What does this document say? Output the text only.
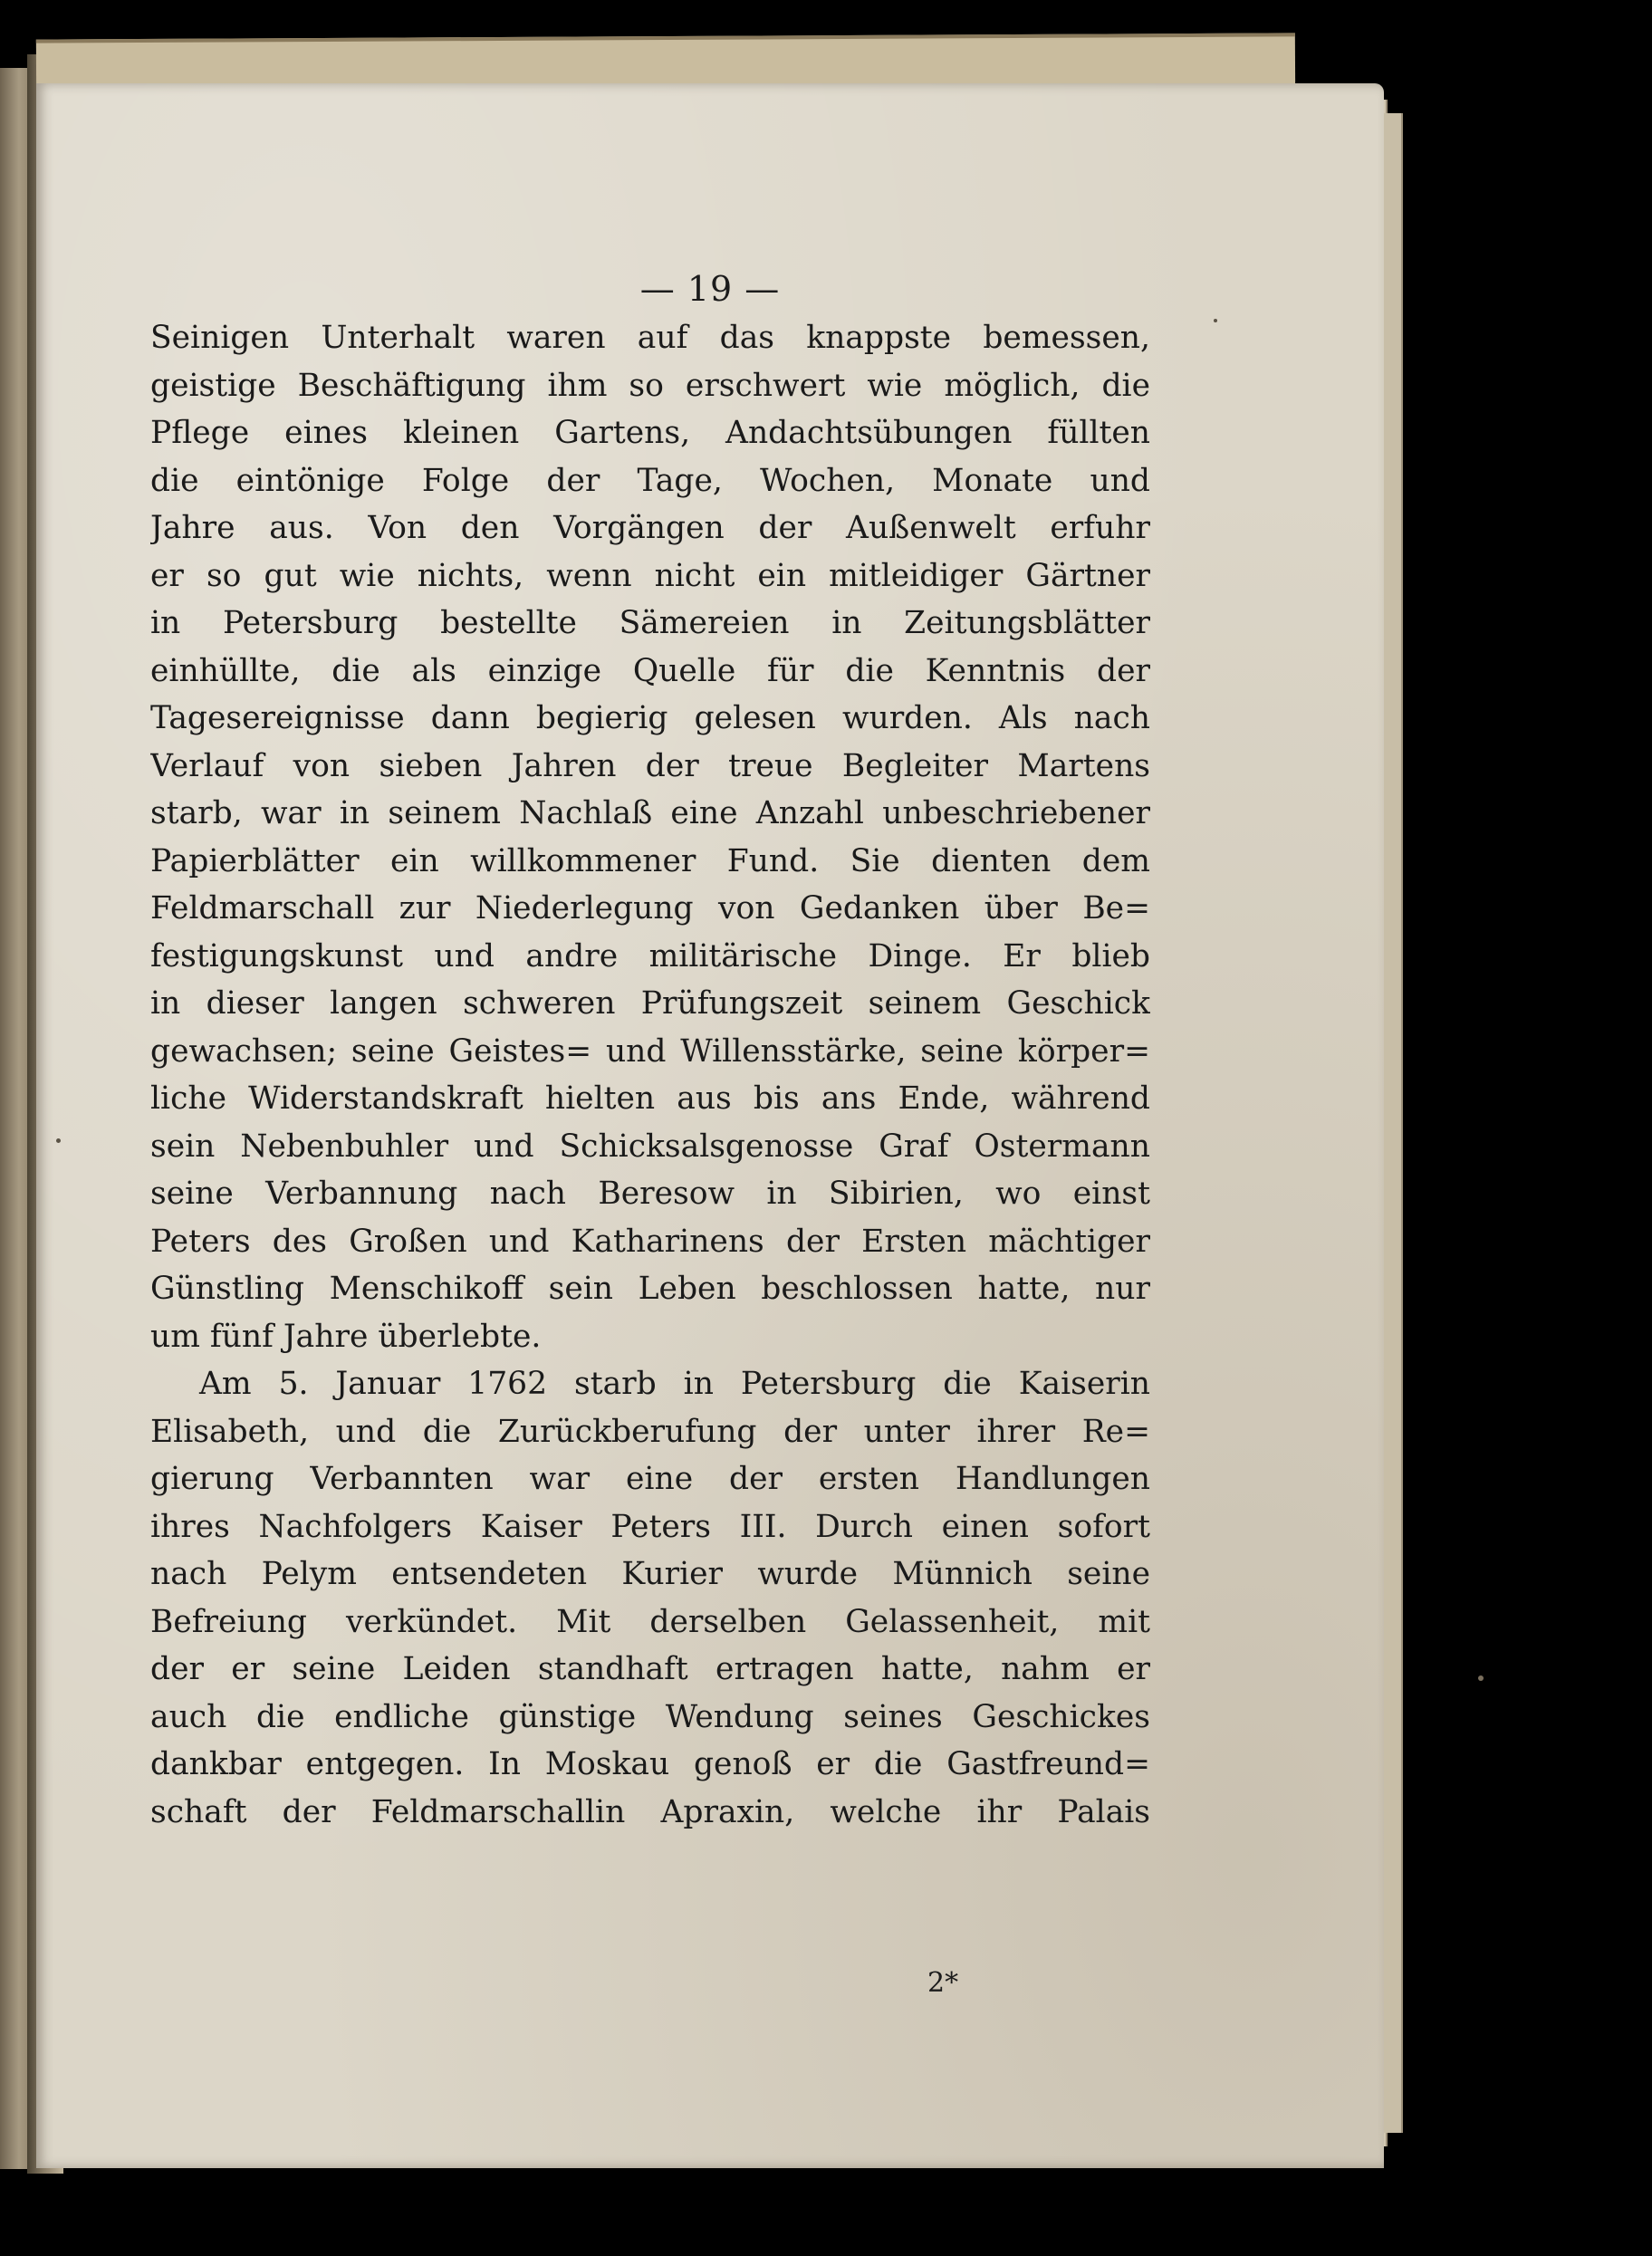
— 19 —
Seinigen Unterhalt waren auf das knappste bemessen,
geistige Beschäftigung ihm so erschwert wie möglich, die
Pflege eines kleinen Gartens, Andachtsübungen füllten
die eintönige Folge der Tage, Wochen, Monate und
Jahre aus. Von den Vorgängen der Außenwelt erfuhr
er so gut wie nichts, wenn nicht ein mitleidiger Gärtner
in Petersburg bestellte Sämereien in Zeitungsblätter
einhüllte, die als einzige Quelle für die Kenntnis der
Tagesereignisse dann begierig gelesen wurden. Als nach
Verlauf von sieben Jahren der treue Begleiter Martens
starb, war in seinem Nachlaß eine Anzahl unbeschriebener
Papierblätter ein willkommener Fund. Sie dienten dem
Feldmarschall zur Niederlegung von Gedanken über Be=
festigungskunst und andre militärische Dinge. Er blieb
in dieser langen schweren Prüfungszeit seinem Geschick
gewachsen; seine Geistes= und Willensstärke, seine körper=
liche Widerstandskraft hielten aus bis ans Ende, während
sein Nebenbuhler und Schicksalsgenosse Graf Ostermann
seine Verbannung nach Beresow in Sibirien, wo einst
Peters des Großen und Katharinens der Ersten mächtiger
Günstling Menschikoff sein Leben beschlossen hatte, nur
um fünf Jahre überlebte.
Am 5. Januar 1762 starb in Petersburg die Kaiserin
Elisabeth, und die Zurückberufung der unter ihrer Re=
gierung Verbannten war eine der ersten Handlungen
ihres Nachfolgers Kaiser Peters III. Durch einen sofort
nach Pelym entsendeten Kurier wurde Münnich seine
Befreiung verkündet. Mit derselben Gelassenheit, mit
der er seine Leiden standhaft ertragen hatte, nahm er
auch die endliche günstige Wendung seines Geschickes
dankbar entgegen. In Moskau genoß er die Gastfreund=
schaft der Feldmarschallin Apraxin, welche ihr Palais
2*
